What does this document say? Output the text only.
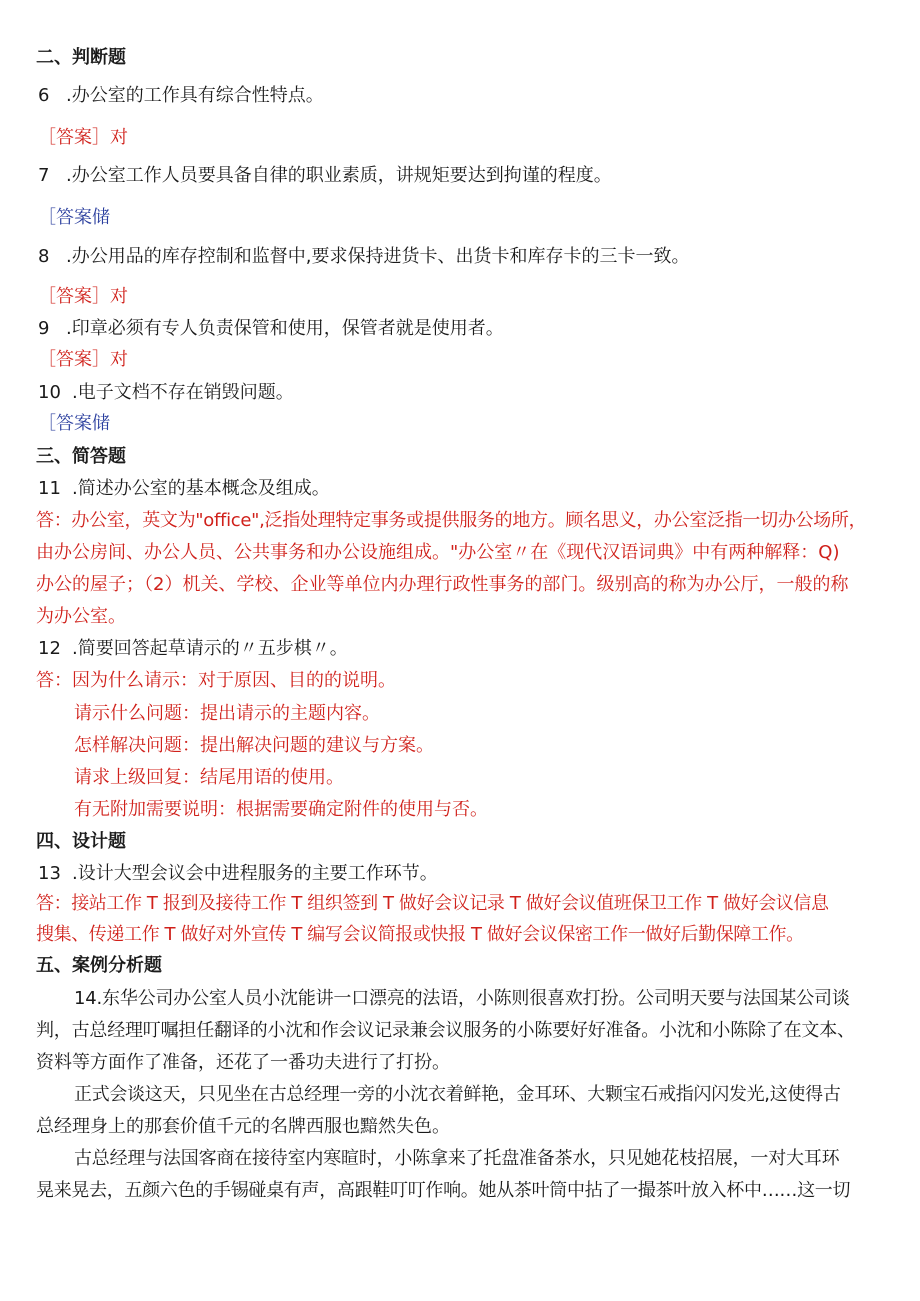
二、判断题
6 .办公室的工作具有综合性特点。
［答案］对
7 .办公室工作人员要具备自律的职业素质，讲规矩要达到拘谨的程度。
［答案储
8 .办公用品的库存控制和监督中,要求保持进货卡、出货卡和库存卡的三卡一致。
［答案］对
9 .印章必须有专人负责保管和使用，保管者就是使用者。
［答案］对
10 .电子文档不存在销毁问题。
［答案储
三、简答题
11 .简述办公室的基本概念及组成。
答：办公室，英文为"office",泛指处理特定事务或提供服务的地方。顾名思义，办公室泛指一切办公场所，
由办公房间、办公人员、公共事务和办公设施组成。"办公室〃在《现代汉语词典》中有两种解释：Q)
办公的屋子；（2）机关、学校、企业等单位内办理行政性事务的部门。级别高的称为办公厅，一般的称
为办公室。
12 .简要回答起草请示的〃五步棋〃。
答：因为什么请示：对于原因、目的的说明。
请示什么问题：提出请示的主题内容。
怎样解决问题：提出解决问题的建议与方案。
请求上级回复：结尾用语的使用。
有无附加需要说明：根据需要确定附件的使用与否。
四、设计题
13 .设计大型会议会中进程服务的主要工作环节。
答：接站工作 T 报到及接待工作 T 组织签到 T 做好会议记录 T 做好会议值班保卫工作 T 做好会议信息
搜集、传递工作 T 做好对外宣传 T 编写会议简报或快报 T 做好会议保密工作一做好后勤保障工作。
五、案例分析题
14.东华公司办公室人员小沈能讲一口漂亮的法语，小陈则很喜欢打扮。公司明天要与法国某公司谈
判，古总经理叮嘱担任翻译的小沈和作会议记录兼会议服务的小陈要好好准备。小沈和小陈除了在文本、
资料等方面作了准备，还花了一番功夫进行了打扮。
正式会谈这天，只见坐在古总经理一旁的小沈衣着鲜艳，金耳环、大颗宝石戒指闪闪发光,这使得古
总经理身上的那套价值千元的名牌西服也黯然失色。
古总经理与法国客商在接待室内寒暄时，小陈拿来了托盘准备茶水，只见她花枝招展，一对大耳环
晃来晃去，五颜六色的手锡碰桌有声，高跟鞋叮叮作响。她从茶叶筒中拈了一撮茶叶放入杯中……这一切
